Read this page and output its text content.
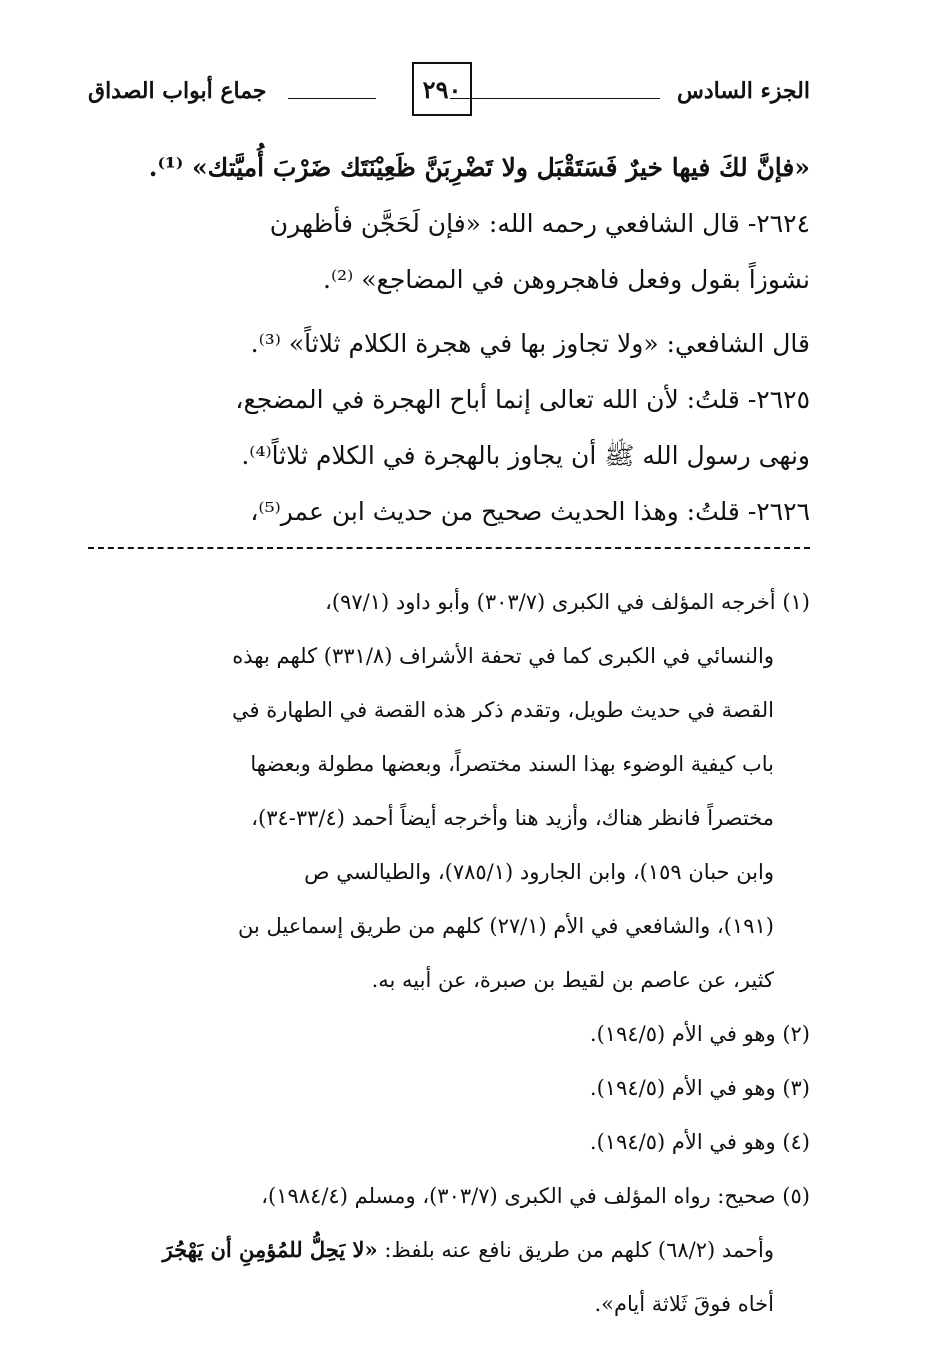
الجزء السادس
٢٩٠
جماع أبواب الصداق

«فإنَّ لكَ فيها خيرٌ فَسَتَقْبَل ولا تَضْرِبَنَّ ظَعِيْنَتَك ضَرْبَ أُميَّتك» ⁽¹⁾.

٢٦٢٤- قال الشافعي رحمه الله: «فإن لَحَجَّن فأظهرن

نشوزاً بقول وفعل فاهجروهن في المضاجع» ⁽²⁾.

قال الشافعي: «ولا تجاوز بها في هجرة الكلام ثلاثاً» ⁽³⁾.

٢٦٢٥- قلتُ: لأن الله تعالى إنما أباح الهجرة في المضجع،

ونهى رسول الله ﷺ أن يجاوز بالهجرة في الكلام ثلاثاً⁽⁴⁾.

٢٦٢٦- قلتُ: وهذا الحديث صحيح من حديث ابن عمر⁽⁵⁾،

(١) أخرجه المؤلف في الكبرى (٣٠٣/٧) وأبو داود (٩٧/١)،

والنسائي في الكبرى كما في تحفة الأشراف (٣٣١/٨) كلهم بهذه

القصة في حديث طويل، وتقدم ذكر هذه القصة في الطهارة في

باب كيفية الوضوء بهذا السند مختصراً، وبعضها مطولة وبعضها

مختصراً فانظر هناك، وأزيد هنا وأخرجه أيضاً أحمد (٣٣/٤-٣٤)،

وابن حبان ١٥٩)، وابن الجارود (٧٨٥/١)، والطيالسي ص

(١٩١)، والشافعي في الأم (٢٧/١) كلهم من طريق إسماعيل بن

كثير، عن عاصم بن لقيط بن صبرة، عن أبيه به.

(٢) وهو في الأم (١٩٤/٥).

(٣) وهو في الأم (١٩٤/٥).

(٤) وهو في الأم (١٩٤/٥).

(٥) صحيح: رواه المؤلف في الكبرى (٣٠٣/٧)، ومسلم (١٩٨٤/٤)،

وأحمد (٦٨/٢) كلهم من طريق نافع عنه بلفظ: «لا يَحِلُّ للمُؤمِنِ أن يَهْجُرَ

أخاه فوقَ ثَلاثة أيام».
